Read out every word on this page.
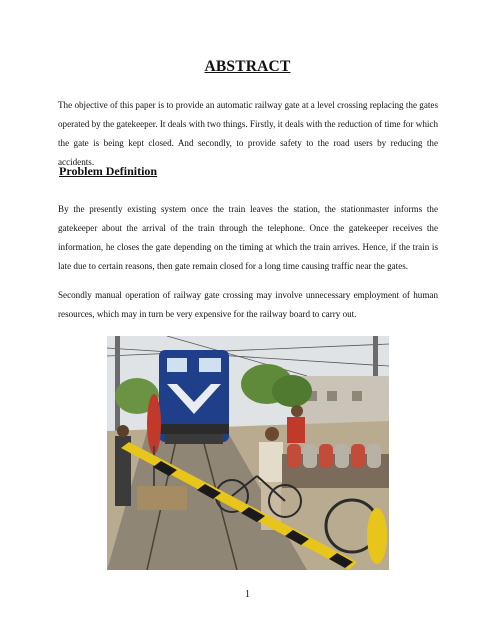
ABSTRACT

The objective of this paper is to provide an automatic railway gate at a level crossing replacing the gates operated by the gatekeeper. It deals with two things. Firstly, it deals with the reduction of time for which the gate is being kept closed. And secondly, to provide safety to the road users by reducing the accidents.

Problem Definition

By the presently existing system once the train leaves the station, the stationmaster informs the gatekeeper about the arrival of the train through the telephone. Once the gatekeeper receives the information, he closes the gate depending on the timing at which the train arrives. Hence, if the train is late due to certain reasons, then gate remain closed for a long time causing traffic near the gates.

Secondly manual operation of railway gate crossing may involve unnecessary employment of human resources, which may in turn be very expensive for the railway board to carry out.

1
